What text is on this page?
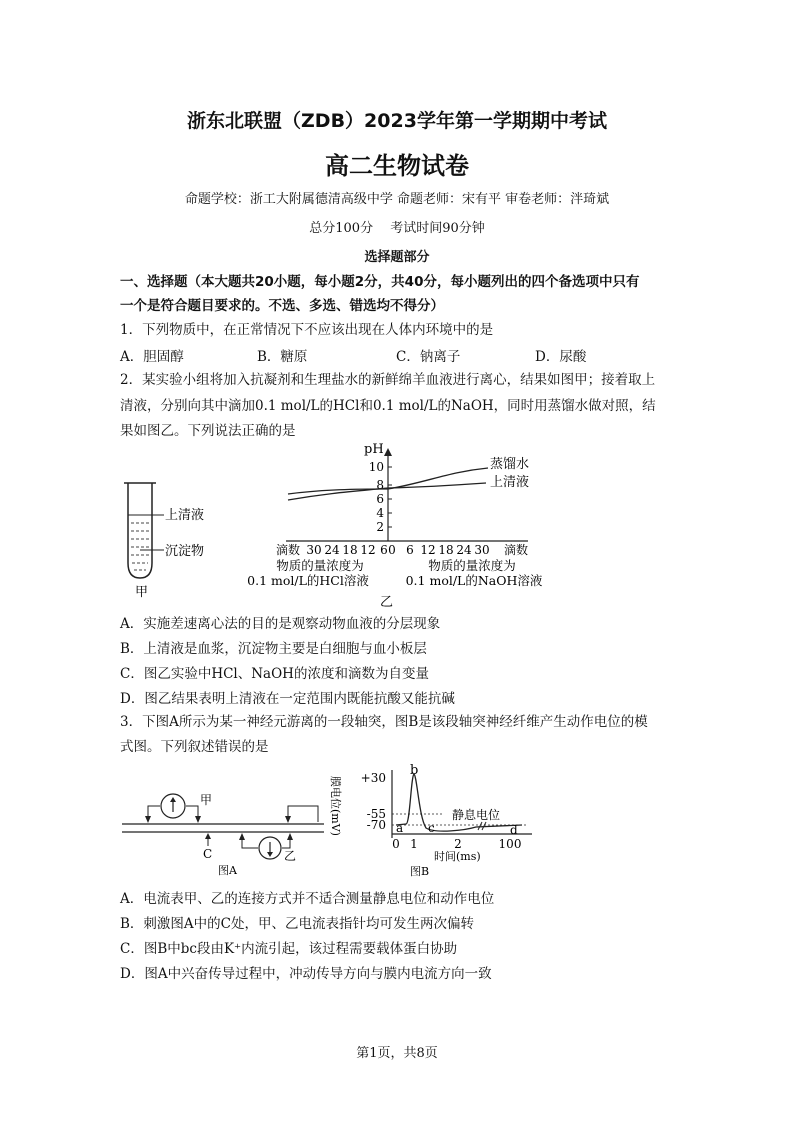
浙东北联盟（ZDB）2023学年第一学期期中考试
高二生物试卷
命题学校：浙工大附属德清高级中学 命题老师：宋有平 审卷老师：泮琦斌
总分100分　 考试时间90分钟
选择题部分
一、选择题（本大题共20小题，每小题2分，共40分，每小题列出的四个备选项中只有
一个是符合题目要求的。不选、多选、错选均不得分）
1．下列物质中，在正常情况下不应该出现在人体内环境中的是
A．胆固醇	B．糖原	C．钠离子	D．尿酸
2．某实验小组将加入抗凝剂和生理盐水的新鲜绵羊血液进行离心，结果如图甲；接着取上
清液，分别向其中滴加0.1 mol/L的HCl和0.1 mol/L的NaOH，同时用蒸馏水做对照，结
果如图乙。下列说法正确的是
上清液
沉淀物
甲
pH
10
8
6
4
2
蒸馏水
上清液
滴数 30 24 18 12 6 0 6 12 18 24 30 滴数
物质的量浓度为
0.1 mol/L的HCl溶液
物质的量浓度为
0.1 mol/L的NaOH溶液
乙
A．实施差速离心法的目的是观察动物血液的分层现象
B．上清液是血浆，沉淀物主要是白细胞与血小板层
C．图乙实验中HCl、NaOH的浓度和滴数为自变量
D．图乙结果表明上清液在一定范围内既能抗酸又能抗碱
3．下图A所示为某一神经元游离的一段轴突，图B是该段轴突神经纤维产生动作电位的模
式图。下列叙述错误的是
甲
C	乙
图A
膜电位(mV) +30
-55
-70 a
b
c	d
静息电位
0 1	2	100
时间(ms)
图B
A．电流表甲、乙的连接方式并不适合测量静息电位和动作电位
B．刺激图A中的C处，甲、乙电流表指针均可发生两次偏转
C．图B中bc段由K⁺内流引起，该过程需要载体蛋白协助
D．图A中兴奋传导过程中，冲动传导方向与膜内电流方向一致
第1页，共8页
